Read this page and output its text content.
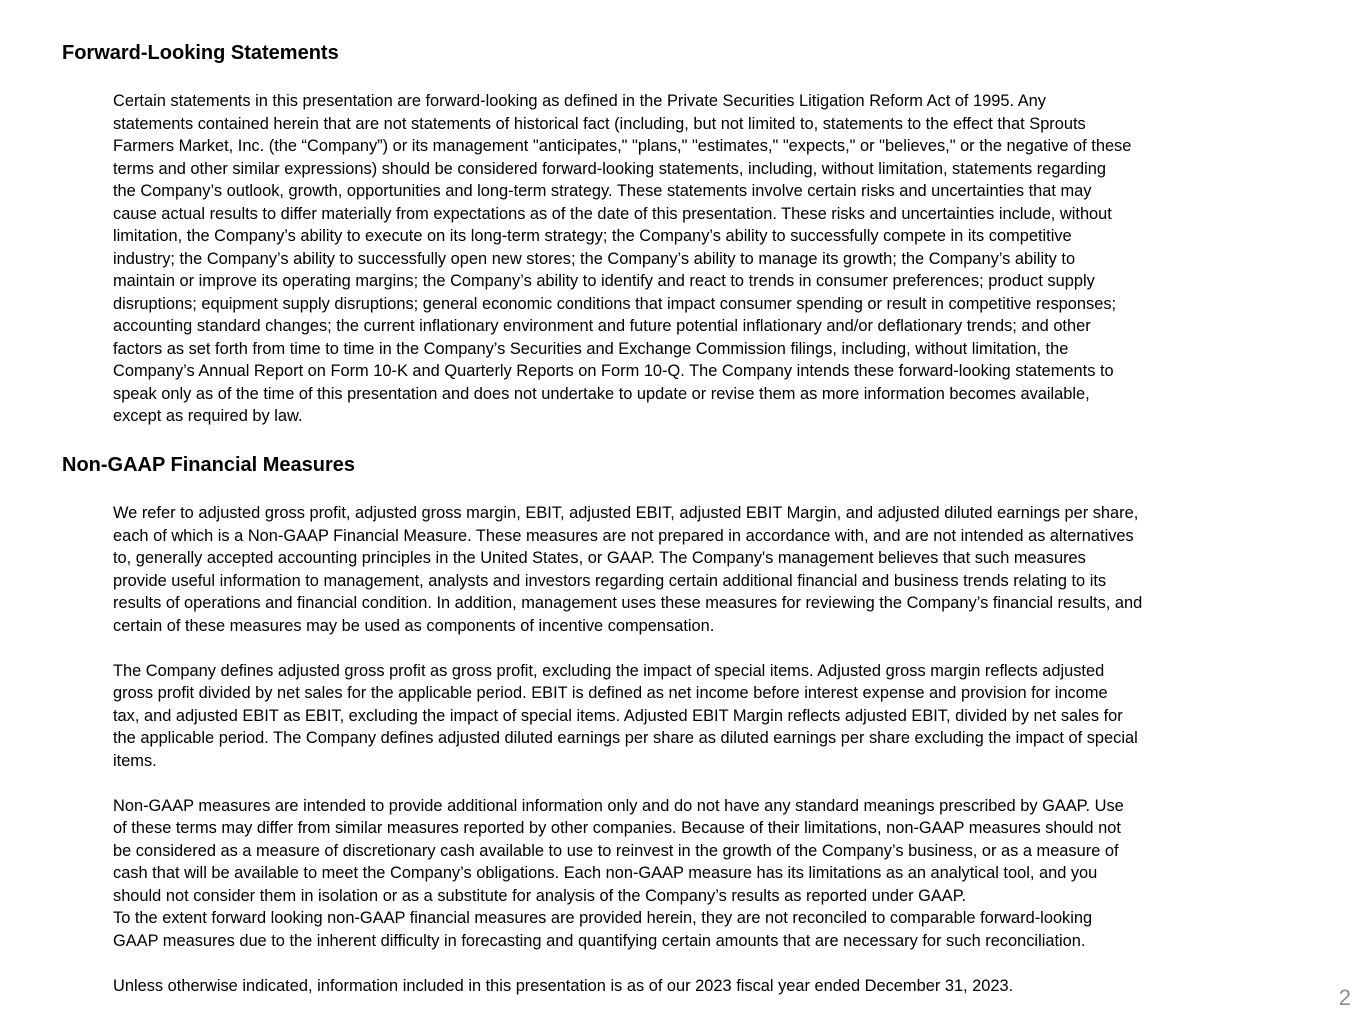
Forward-Looking Statements
Certain statements in this presentation are forward-looking as defined in the Private Securities Litigation Reform Act of 1995. Any
statements contained herein that are not statements of historical fact (including, but not limited to, statements to the effect that Sprouts
Farmers Market, Inc. (the “Company”) or its management "anticipates," "plans," "estimates," "expects," or "believes," or the negative of these
terms and other similar expressions) should be considered forward-looking statements, including, without limitation, statements regarding
the Company’s outlook, growth, opportunities and long-term strategy. These statements involve certain risks and uncertainties that may
cause actual results to differ materially from expectations as of the date of this presentation. These risks and uncertainties include, without
limitation, the Company’s ability to execute on its long-term strategy; the Company’s ability to successfully compete in its competitive
industry; the Company’s ability to successfully open new stores; the Company’s ability to manage its growth; the Company’s ability to
maintain or improve its operating margins; the Company’s ability to identify and react to trends in consumer preferences; product supply
disruptions; equipment supply disruptions; general economic conditions that impact consumer spending or result in competitive responses;
accounting standard changes; the current inflationary environment and future potential inflationary and/or deflationary trends; and other
factors as set forth from time to time in the Company’s Securities and Exchange Commission filings, including, without limitation, the
Company’s Annual Report on Form 10-K and Quarterly Reports on Form 10-Q. The Company intends these forward-looking statements to
speak only as of the time of this presentation and does not undertake to update or revise them as more information becomes available,
except as required by law.
Non-GAAP Financial Measures
We refer to adjusted gross profit, adjusted gross margin, EBIT, adjusted EBIT, adjusted EBIT Margin, and adjusted diluted earnings per share,
each of which is a Non-GAAP Financial Measure. These measures are not prepared in accordance with, and are not intended as alternatives
to, generally accepted accounting principles in the United States, or GAAP. The Company's management believes that such measures
provide useful information to management, analysts and investors regarding certain additional financial and business trends relating to its
results of operations and financial condition. In addition, management uses these measures for reviewing the Company’s financial results, and
certain of these measures may be used as components of incentive compensation.
The Company defines adjusted gross profit as gross profit, excluding the impact of special items. Adjusted gross margin reflects adjusted
gross profit divided by net sales for the applicable period. EBIT is defined as net income before interest expense and provision for income
tax, and adjusted EBIT as EBIT, excluding the impact of special items. Adjusted EBIT Margin reflects adjusted EBIT, divided by net sales for
the applicable period. The Company defines adjusted diluted earnings per share as diluted earnings per share excluding the impact of special
items.
Non-GAAP measures are intended to provide additional information only and do not have any standard meanings prescribed by GAAP. Use
of these terms may differ from similar measures reported by other companies. Because of their limitations, non-GAAP measures should not
be considered as a measure of discretionary cash available to use to reinvest in the growth of the Company’s business, or as a measure of
cash that will be available to meet the Company’s obligations. Each non-GAAP measure has its limitations as an analytical tool, and you
should not consider them in isolation or as a substitute for analysis of the Company’s results as reported under GAAP.
To the extent forward looking non-GAAP financial measures are provided herein, they are not reconciled to comparable forward-looking
GAAP measures due to the inherent difficulty in forecasting and quantifying certain amounts that are necessary for such reconciliation.
Unless otherwise indicated, information included in this presentation is as of our 2023 fiscal year ended December 31, 2023.	2
